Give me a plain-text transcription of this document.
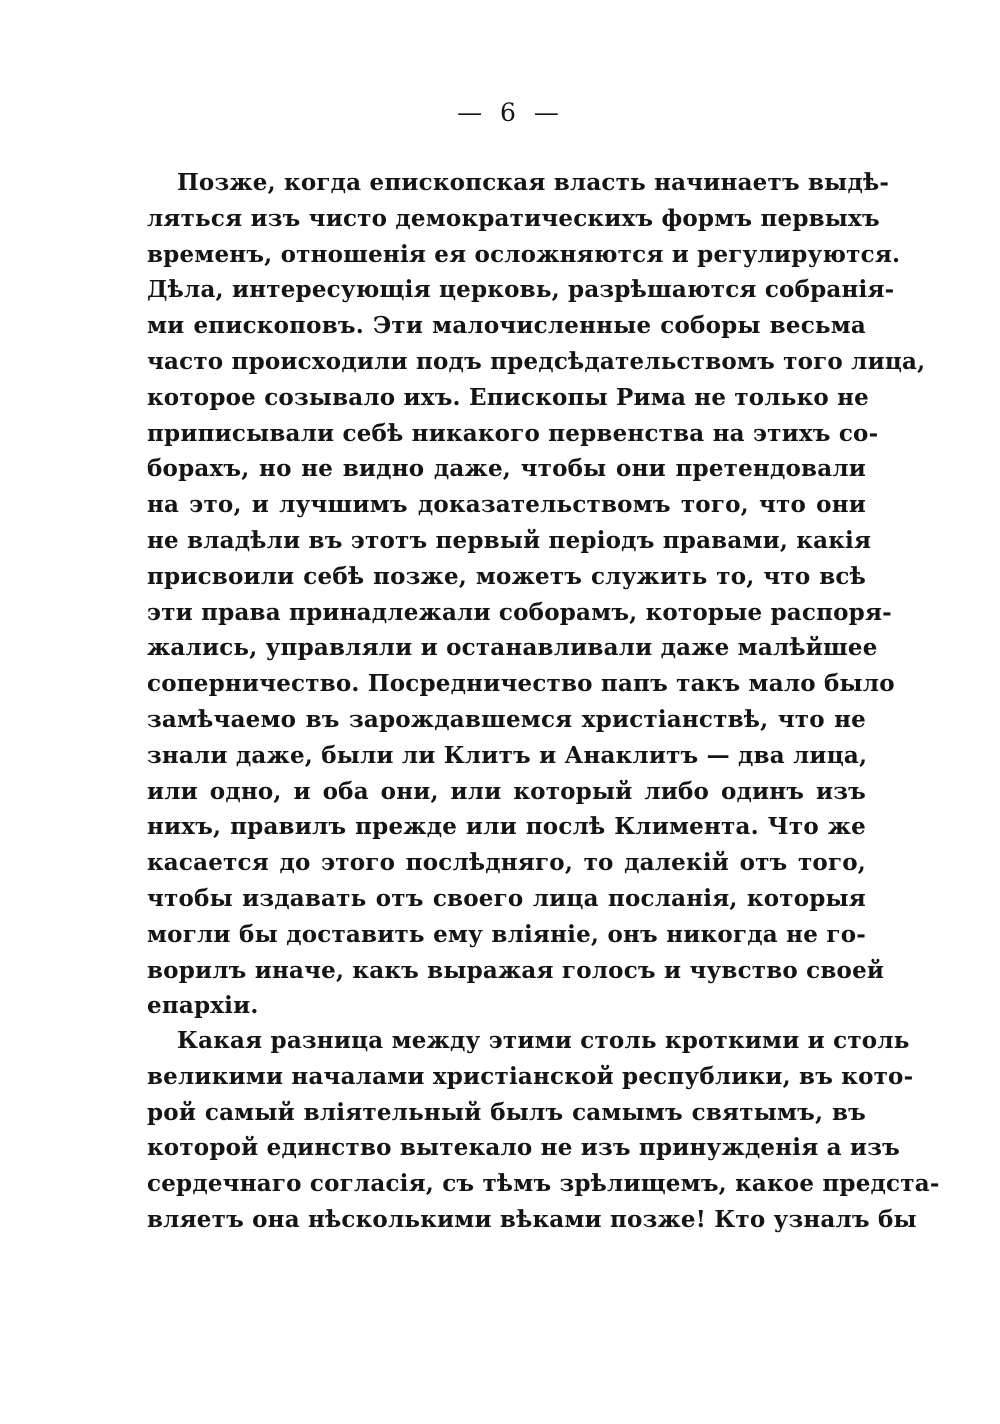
— 6 —
Позже, когда епископская власть начинаетъ выдѣ-
ляться изъ чисто демократическихъ формъ первыхъ
временъ, отношенія ея осложняются и регулируются.
Дѣла, интересующія церковь, разрѣшаются собранія-
ми епископовъ. Эти малочисленные соборы весьма
часто происходили подъ предсѣдательствомъ того лица,
которое созывало ихъ. Епископы Рима не только не
приписывали себѣ никакого первенства на этихъ со-
борахъ, но не видно даже, чтобы они претендовали
на это, и лучшимъ доказательствомъ того, что они
не владѣли въ этотъ первый періодъ правами, какія
присвоили себѣ позже, можетъ служить то, что всѣ
эти права принадлежали соборамъ, которые распоря-
жались, управляли и останавливали даже малѣйшее
соперничество. Посредничество папъ такъ мало было
замѣчаемо въ зарождавшемся христіанствѣ, что не
знали даже, были ли Клитъ и Анаклитъ — два лица,
или одно, и оба они, или который либо одинъ изъ
нихъ, правилъ прежде или послѣ Климента. Что же
касается до этого послѣдняго, то далекій отъ того,
чтобы издавать отъ своего лица посланія, которыя
могли бы доставить ему вліяніе, онъ никогда не го-
ворилъ иначе, какъ выражая голосъ и чувство своей
епархіи.
Какая разница между этими столь кроткими и столь
великими началами христіанской республики, въ кото-
рой самый вліятельный былъ самымъ святымъ, въ
которой единство вытекало не изъ принужденія а изъ
сердечнаго согласія, съ тѣмъ зрѣлищемъ, какое предста-
вляетъ она нѣсколькими вѣками позже! Кто узналъ бы
